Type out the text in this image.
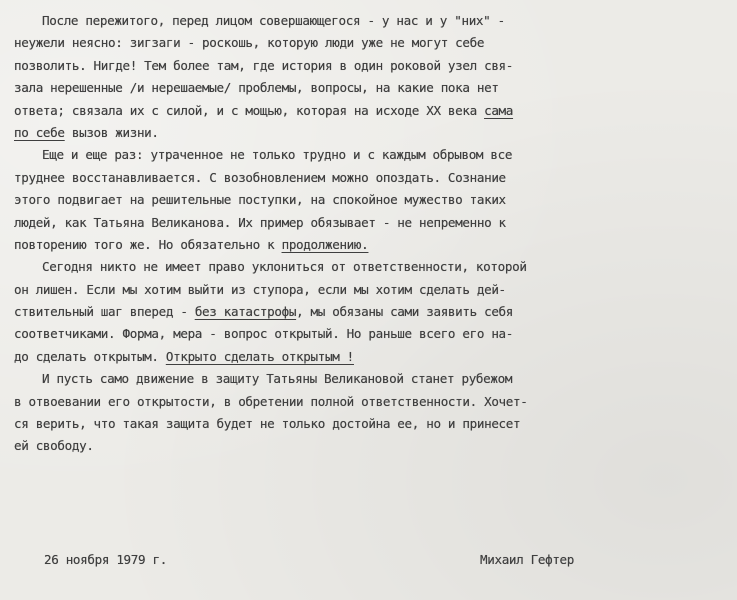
После пережитого, перед лицом совершающегося - у нас и у "них" -
неужели неясно: зигзаги - роскошь, которую люди уже не могут себе
позволить. Нигде! Тем более там, где история в один роковой узел свя-
зала нерешенные /и нерешаемые/ проблемы, вопросы, на какие пока нет
ответа; связала их с силой, и с мощью, которая на исходе XX века сама
по себе вызов жизни.
Еще и еще раз: утраченное не только трудно и с каждым обрывом все
труднее восстанавливается. С возобновлением можно опоздать. Сознание
этого подвигает на решительные поступки, на спокойное мужество таких
людей, как Татьяна Великанова. Их пример обязывает - не непременно к
повторению того же. Но обязательно к продолжению.
Сегодня никто не имеет право уклониться от ответственности, которой
он лишен. Если мы хотим выйти из ступора, если мы хотим сделать дей-
ствительный шаг вперед - без катастрофы, мы обязаны сами заявить себя
соответчиками. Форма, мера - вопрос открытый. Но раньше всего его на-
до сделать открытым. Открыто сделать открытым !
И пусть само движение в защиту Татьяны Великановой станет рубежом
в отвоевании его открытости, в обретении полной ответственности. Хочет-
ся верить, что такая защита будет не только достойна ее, но и принесет
ей свободу.
26 ноября 1979 г.	Михаил Гефтер
